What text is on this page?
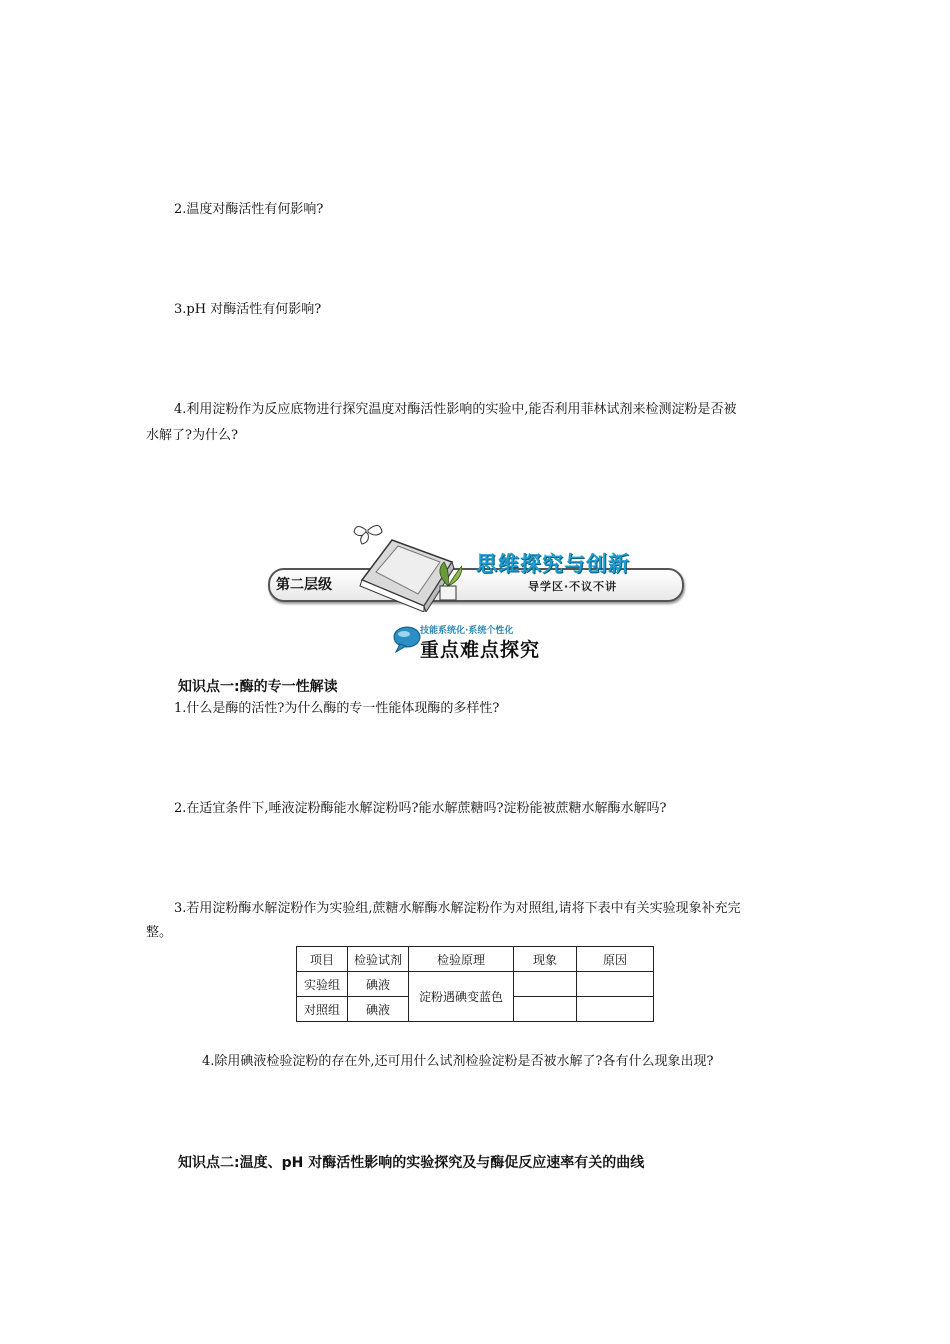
2.温度对酶活性有何影响?
3.pH 对酶活性有何影响?
4.利用淀粉作为反应底物进行探究温度对酶活性影响的实验中,能否利用菲林试剂来检测淀粉是否被
水解了?为什么?
第二层级
思维探究与创新
导学区·不议不讲
技能系统化·系统个性化
重点难点探究
知识点一:酶的专一性解读
1.什么是酶的活性?为什么酶的专一性能体现酶的多样性?
2.在适宜条件下,唾液淀粉酶能水解淀粉吗?能水解蔗糖吗?淀粉能被蔗糖水解酶水解吗?
3.若用淀粉酶水解淀粉作为实验组,蔗糖水解酶水解淀粉作为对照组,请将下表中有关实验现象补充完
整。
项目	检验试剂	检验原理	现象	原因
实验组	碘液	淀粉遇碘变蓝色		
对照组	碘液			
4.除用碘液检验淀粉的存在外,还可用什么试剂检验淀粉是否被水解了?各有什么现象出现?
知识点二:温度、pH 对酶活性影响的实验探究及与酶促反应速率有关的曲线
